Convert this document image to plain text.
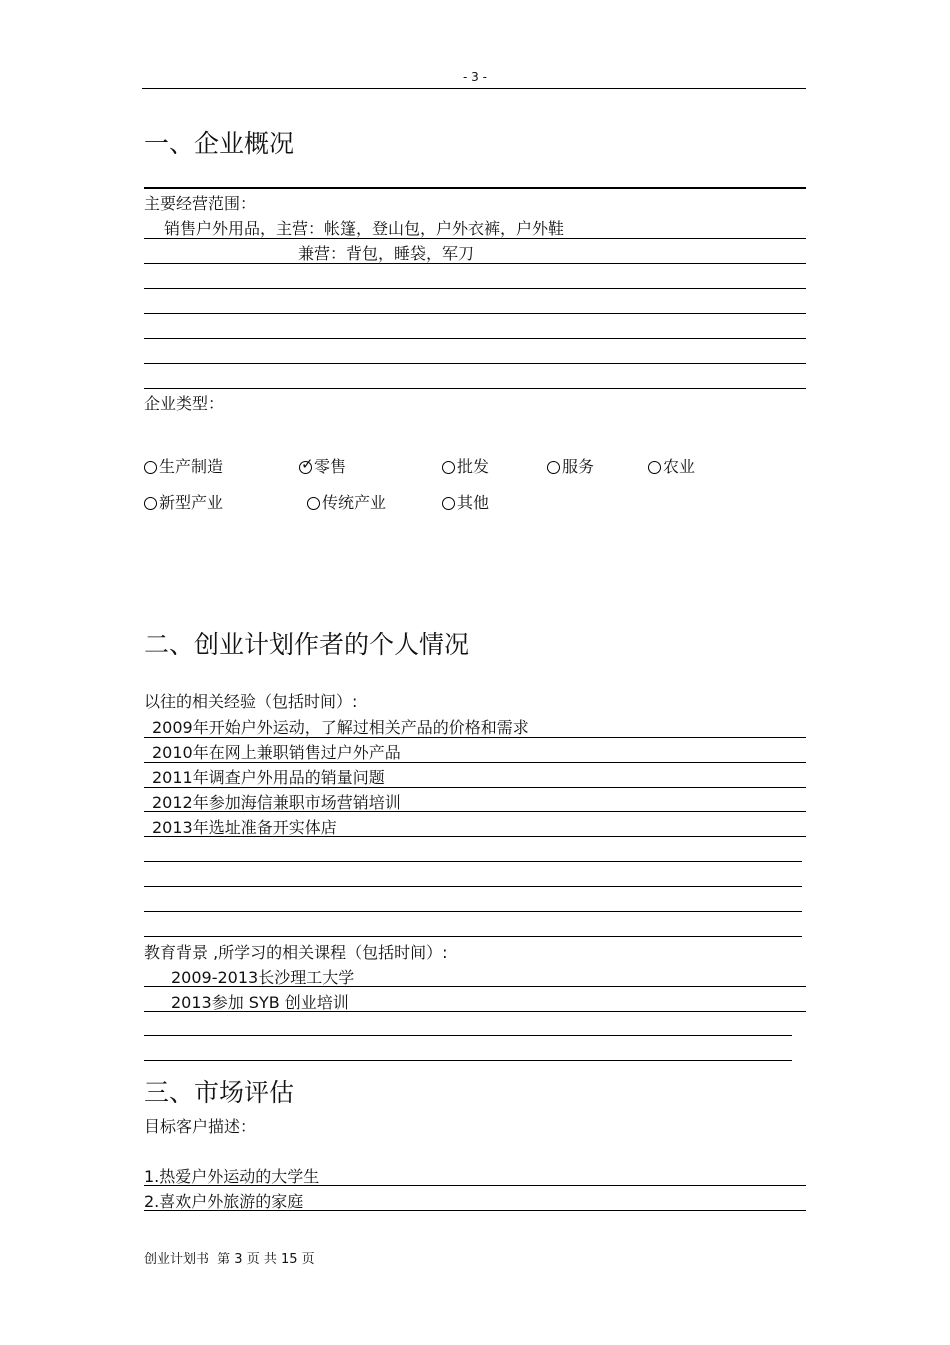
- 3 -
一、企业概况
主要经营范围：
销售户外用品，主营：帐篷，登山包，户外衣裤，户外鞋
兼营：背包，睡袋，军刀
企业类型：
生产制造	✓ 零售	批发	服务	农业
新型产业	传统产业	其他
二、创业计划作者的个人情况
以往的相关经验（包括时间）:
2009年开始户外运动，了解过相关产品的价格和需求
2010年在网上兼职销售过户外产品
2011年调查户外用品的销量问题
2012年参加海信兼职市场营销培训
2013年选址准备开实体店
教育背景 ,所学习的相关课程（包括时间）:
2009-2013长沙理工大学
2013参加 SYB 创业培训
三、市场评估
目标客户描述：
1.热爱户外运动的大学生
2.喜欢户外旅游的家庭
创业计划书 第 3 页 共 15 页
